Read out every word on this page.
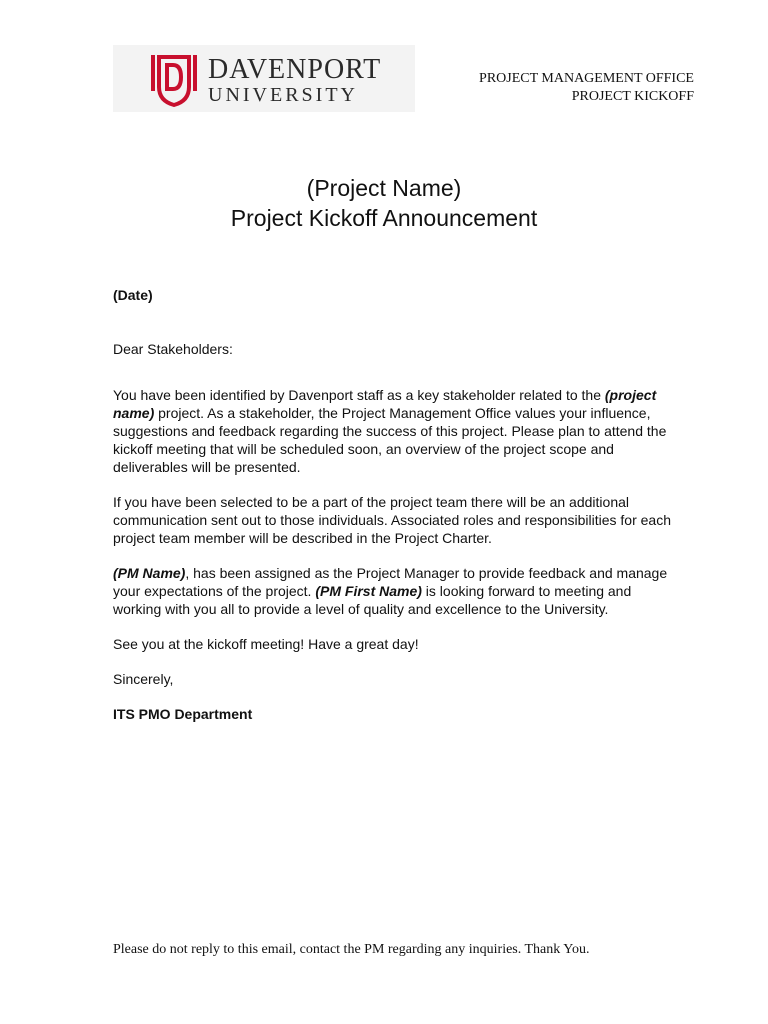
DAVENPORT
UNIVERSITY
PROJECT MANAGEMENT OFFICE
PROJECT KICKOFF
(Project Name)
Project Kickoff Announcement

(Date)

Dear Stakeholders:

You have been identified by Davenport staff as a key stakeholder related to the (project name) project. As a stakeholder, the Project Management Office values your influence, suggestions and feedback regarding the success of this project. Please plan to attend the kickoff meeting that will be scheduled soon, an overview of the project scope and deliverables will be presented.

If you have been selected to be a part of the project team there will be an additional communication sent out to those individuals. Associated roles and responsibilities for each project team member will be described in the Project Charter.

(PM Name), has been assigned as the Project Manager to provide feedback and manage your expectations of the project. (PM First Name) is looking forward to meeting and working with you all to provide a level of quality and excellence to the University.

See you at the kickoff meeting! Have a great day!

Sincerely,

ITS PMO Department

Please do not reply to this email, contact the PM regarding any inquiries. Thank You.
